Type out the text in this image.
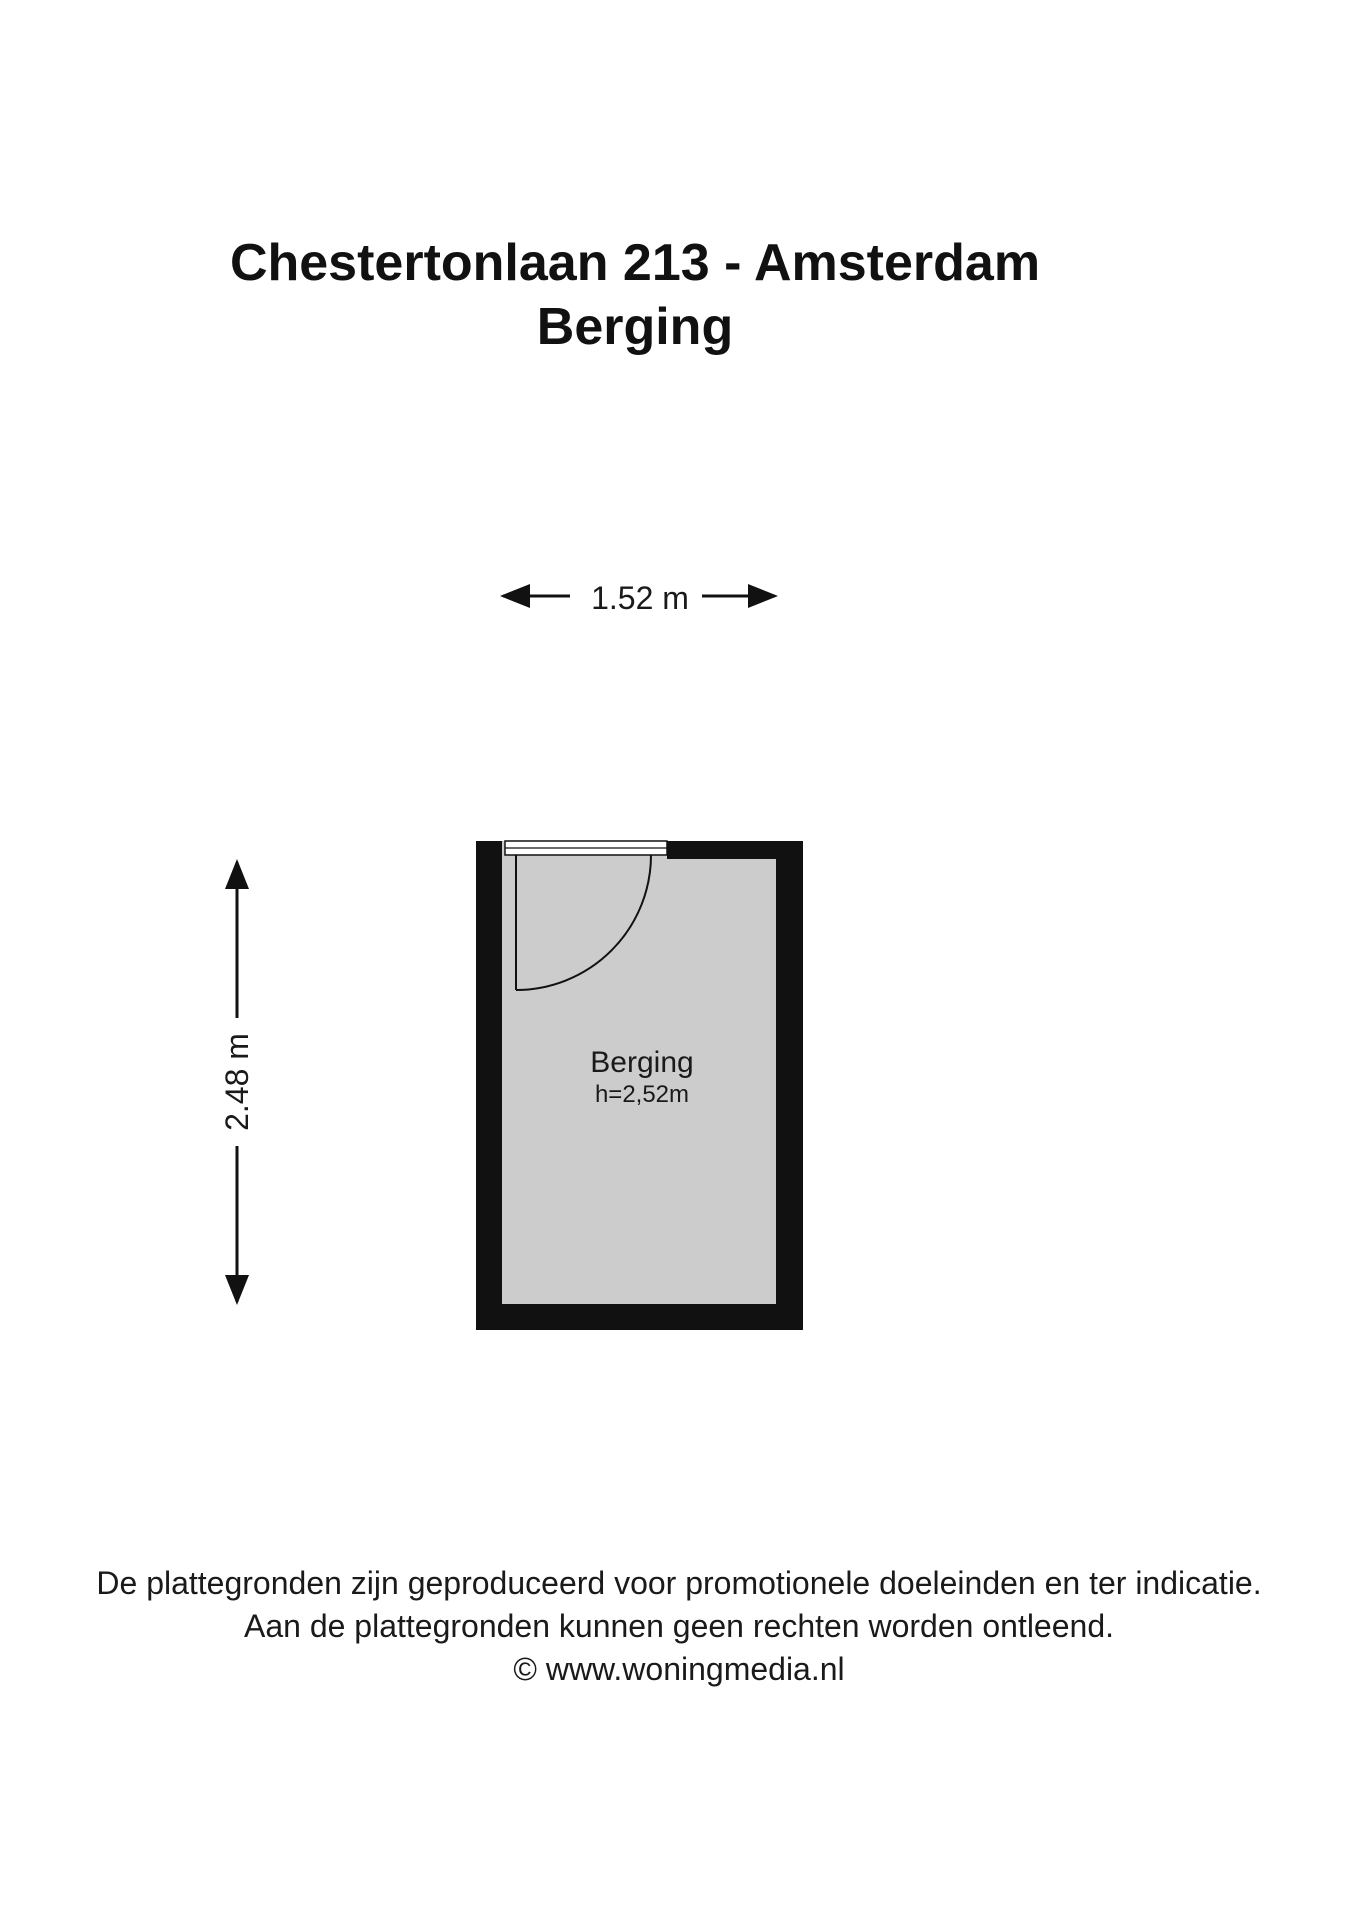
Chestertonlaan 213 - Amsterdam
Berging
1.52 m
2.48 m	Berging
h=2,52m
De plattegronden zijn geproduceerd voor promotionele doeleinden en ter indicatie.
Aan de plattegronden kunnen geen rechten worden ontleend.
© www.woningmedia.nl
